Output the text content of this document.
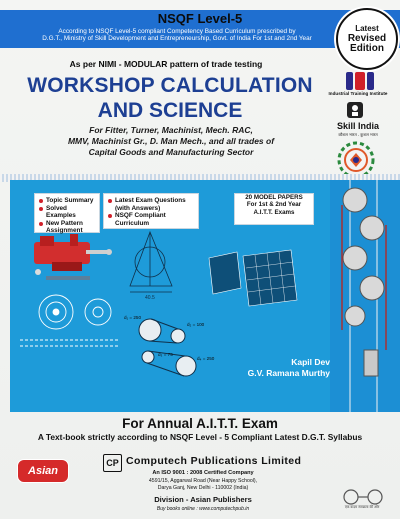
NSQF Level-5
According to NSQF Level-5 compliant Competency Based Curriculum prescribed by
D.G.T., Ministry of Skill Development and Entrepreneurship, Govt. of India For 1st and 2nd Year
Latest
Revised
Edition
As per NIMI - MODULAR pattern of trade testing
WORKSHOP CALCULATION
AND SCIENCE
For Fitter, Turner, Machinist, Mech. RAC,
MMV, Machinist Gr., D. Man Mech., and all trades of
Capital Goods and Manufacturing Sector
Industrial Training Institute
Skill India
कौशल भारत - कुशल भारत
Topic Summary
Solved Examples
New Pattern Assignment
Latest Exam Questions (with Answers)
NSQF Compliant Curriculum
20 MODEL PAPERS
For 1st & 2nd Year
A.I.T.T. Exams
40.5
d₁ = 250
d₂ = 100
d₃ = 75
d₄ = 250	Kapil Dev
G.V. Ramana Murthy
For Annual A.I.T.T. Exam
A Text-book strictly according to NSQF Level - 5 Compliant Latest D.G.T. Syllabus
Asian
CP Computech Publications Limited
An ISO 9001 : 2008 Certified Company
4591/15, Aggarwal Road (Near Happy School),
Darya Ganj, New Delhi - 110002 (India)
Division - Asian Publishers
Buy books online : www.computechpub.in	एक कदम स्वच्छता की ओर
